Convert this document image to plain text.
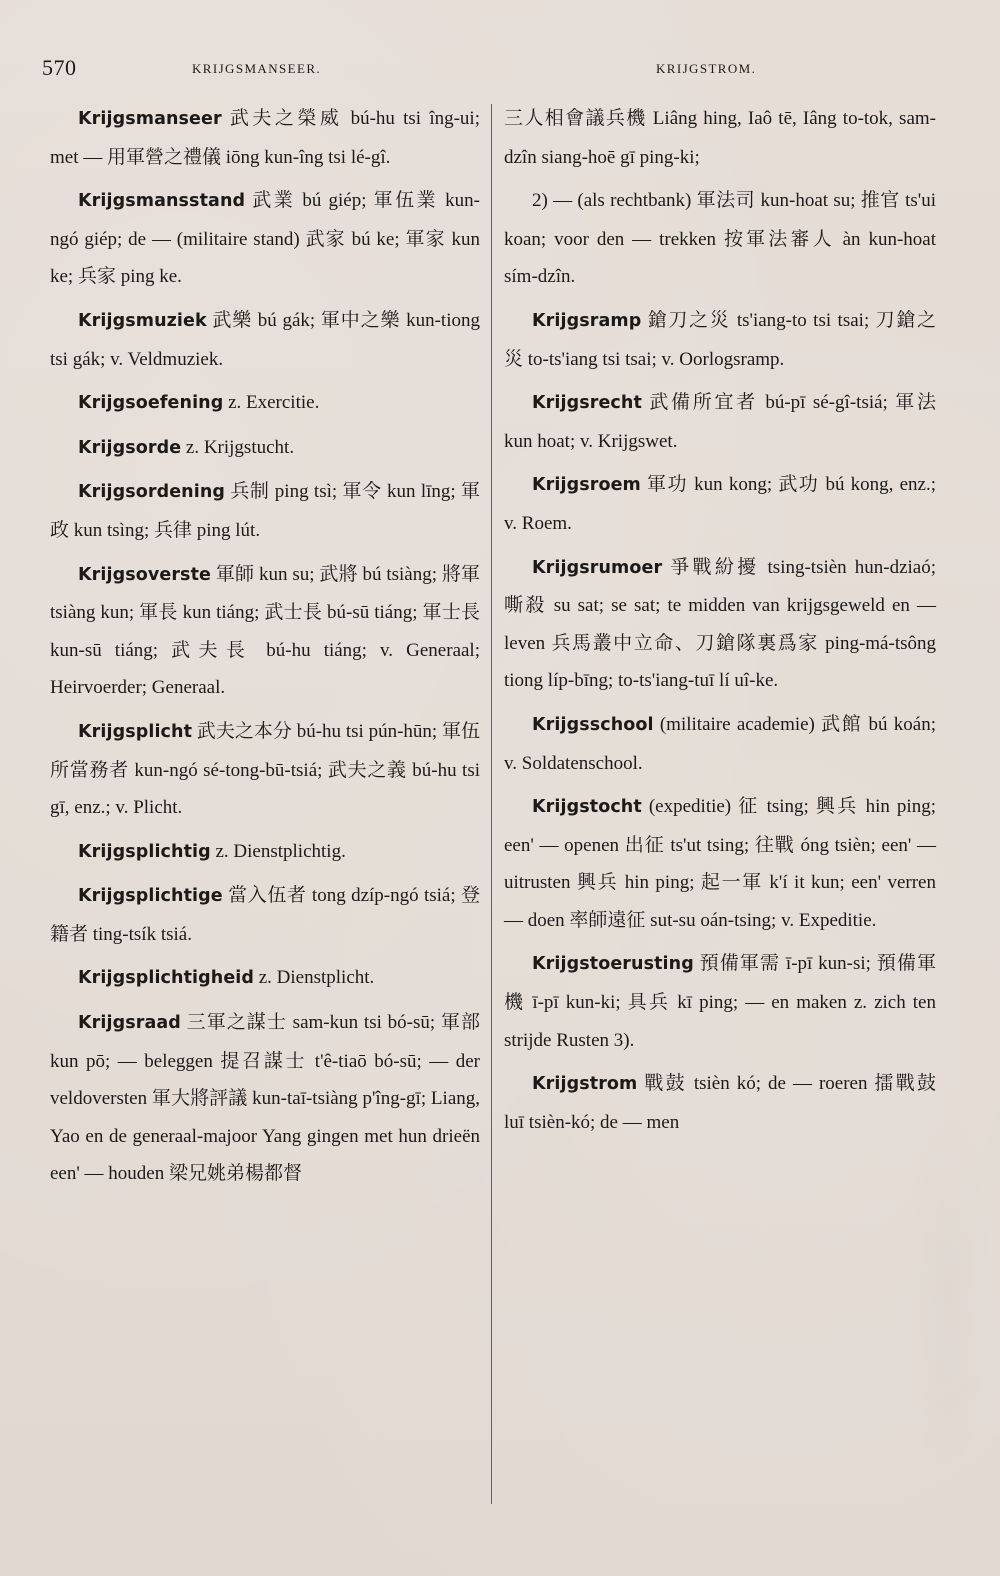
570	KRIJGSMANSEER.	KRIJGSTROM.

Krijgsmanseer 武夫之榮威 bú-hu tsi îng-ui; met — 用軍營之禮儀 iōng kun-îng tsi lé-gî.

Krijgsmansstand 武業 bú giép; 軍伍業 kun-ngó giép; de — (militaire stand) 武家 bú ke; 軍家 kun ke; 兵家 ping ke.

Krijgsmuziek 武樂 bú gák; 軍中之樂 kun-tiong tsi gák; v. Veldmuziek.

Krijgsoefening z. Exercitie.

Krijgsorde z. Krijgstucht.

Krijgsordening 兵制 ping tsì; 軍令 kun līng; 軍政 kun tsìng; 兵律 ping lút.

Krijgsoverste 軍師 kun su; 武將 bú tsiàng; 將軍 tsiàng kun; 軍長 kun tiáng; 武士長 bú-sū tiáng; 軍士長 kun-sū tiáng; 武夫長 bú-hu tiáng; v. Generaal; Heirvoerder; Generaal.

Krijgsplicht 武夫之本分 bú-hu tsi pún-hūn; 軍伍所當務者 kun-ngó sé-tong-bū-tsiá; 武夫之義 bú-hu tsi gī, enz.; v. Plicht.

Krijgsplichtig z. Dienstplichtig.

Krijgsplichtige 當入伍者 tong dzíp-ngó tsiá; 登籍者 ting-tsík tsiá.

Krijgsplichtigheid z. Dienstplicht.

Krijgsraad 三軍之謀士 sam-kun tsi bó-sū; 軍部 kun pō; — beleggen 提召謀士 t'ê-tiaō bó-sū; — der veldoversten 軍大將評議 kun-taī-tsiàng p'îng-gī; Liang, Yao en de generaal-majoor Yang gingen met hun drieën een' — houden 梁兄姚弟楊都督

三人相會議兵機 Liâng hing, Iaô tē, Iâng to-tok, sam-dzîn siang-hoē gī ping-ki;

2) — (als rechtbank) 軍法司 kun-hoat su; 推官 ts'ui koan; voor den — trekken 按軍法審人 àn kun-hoat sím-dzîn.

Krijgsramp 鎗刀之災 ts'iang-to tsi tsai; 刀鎗之災 to-ts'iang tsi tsai; v. Oorlogsramp.

Krijgsrecht 武備所宜者 bú-pī sé-gî-tsiá; 軍法 kun hoat; v. Krijgswet.

Krijgsroem 軍功 kun kong; 武功 bú kong, enz.; v. Roem.

Krijgsrumoer 爭戰紛擾 tsing-tsièn hun-dziaó; 嘶殺 su sat; se sat; te midden van krijgsgeweld en — leven 兵馬叢中立命、刀鎗隊裏爲家 ping-má-tsông tiong líp-bīng; to-ts'iang-tuī lí uî-ke.

Krijgsschool (militaire academie) 武館 bú koán; v. Soldatenschool.

Krijgstocht (expeditie) 征 tsing; 興兵 hin ping; een' — openen 出征 ts'ut tsing; 往戰 óng tsièn; een' — uitrusten 興兵 hin ping; 起一軍 k'í it kun; een' verren — doen 率師遠征 sut-su oán-tsing; v. Expeditie.

Krijgstoerusting 預備軍需 ī-pī kun-si; 預備軍機 ī-pī kun-ki; 具兵 kī ping; — en maken z. zich ten strijde Rusten 3).

Krijgstrom 戰鼓 tsièn kó; de — roeren 擂戰鼓 luī tsièn-kó; de — men
